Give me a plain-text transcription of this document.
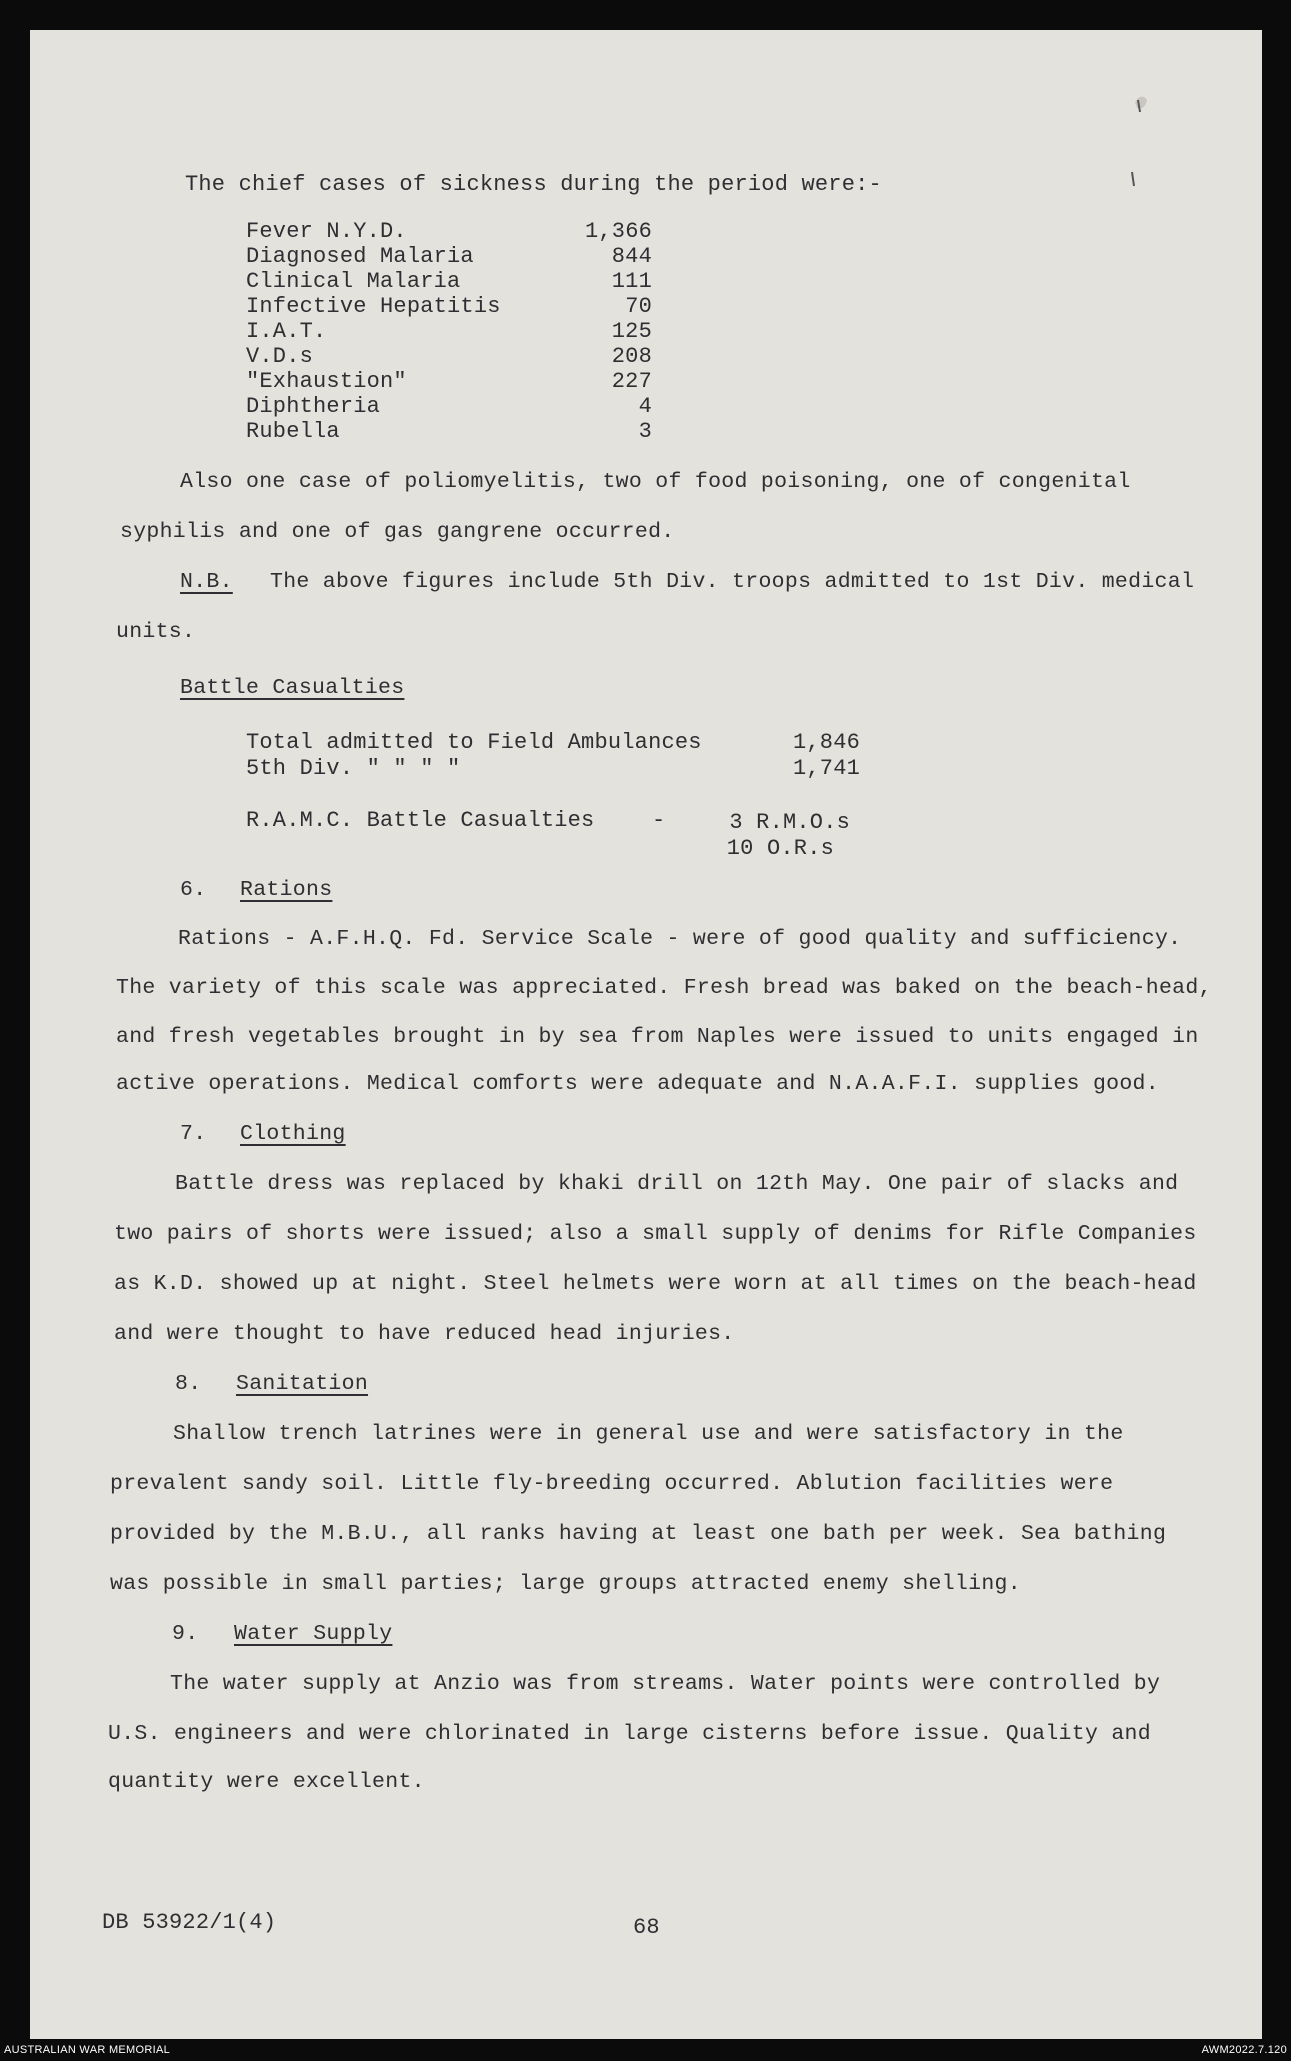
The chief cases of sickness during the period were:-
Fever N.Y.D.	1,366
Diagnosed Malaria	844
Clinical Malaria	111
Infective Hepatitis	70
I.A.T.	125
V.D.s	208
"Exhaustion"	227
Diphtheria	4
Rubella	3
Also one case of poliomyelitis, two of food poisoning, one of congenital
syphilis and one of gas gangrene occurred.
N.B. The above figures include 5th Div. troops admitted to 1st Div. medical
units.
Battle Casualties
Total admitted to Field Ambulances	1,846
5th Div. " " " "	1,741
R.A.M.C. Battle Casualties	-	3 R.M.O.s
10 O.R.s
6. Rations
Rations - A.F.H.Q. Fd. Service Scale - were of good quality and sufficiency.
The variety of this scale was appreciated. Fresh bread was baked on the beach-head,
and fresh vegetables brought in by sea from Naples were issued to units engaged in
active operations. Medical comforts were adequate and N.A.A.F.I. supplies good.
7. Clothing
Battle dress was replaced by khaki drill on 12th May. One pair of slacks and
two pairs of shorts were issued; also a small supply of denims for Rifle Companies
as K.D. showed up at night. Steel helmets were worn at all times on the beach-head
and were thought to have reduced head injuries.
8. Sanitation
Shallow trench latrines were in general use and were satisfactory in the
prevalent sandy soil. Little fly-breeding occurred. Ablution facilities were
provided by the M.B.U., all ranks having at least one bath per week. Sea bathing
was possible in small parties; large groups attracted enemy shelling.
9. Water Supply
The water supply at Anzio was from streams. Water points were controlled by
U.S. engineers and were chlorinated in large cisterns before issue. Quality and
quantity were excellent.
DB 53922/1(4)	68
AUSTRALIAN WAR MEMORIAL	AWM2022.7.120
